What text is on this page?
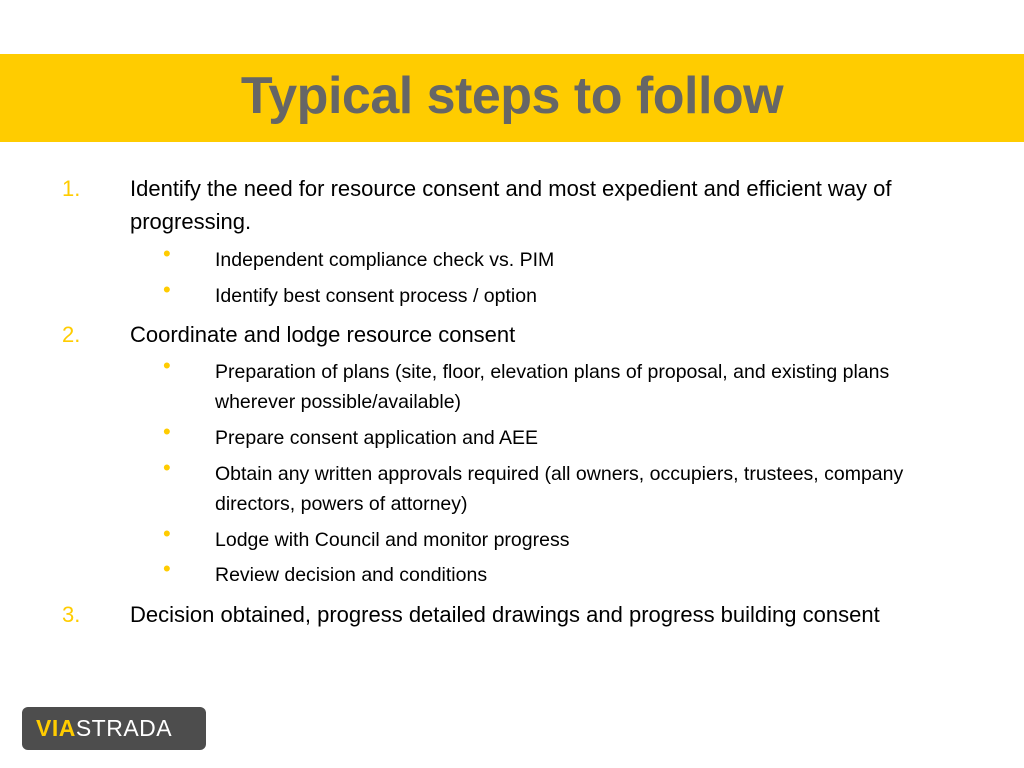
Typical steps to follow
1. Identify the need for resource consent and most expedient and efficient way of progressing.
• Independent compliance check vs. PIM
• Identify best consent process / option
2. Coordinate and lodge resource consent
• Preparation of plans (site, floor, elevation plans of proposal, and existing plans wherever possible/available)
• Prepare consent application and AEE
• Obtain any written approvals required (all owners, occupiers, trustees, company directors, powers of attorney)
• Lodge with Council and monitor progress
• Review decision and conditions
3. Decision obtained, progress detailed drawings and progress building consent
VIA STRADA
